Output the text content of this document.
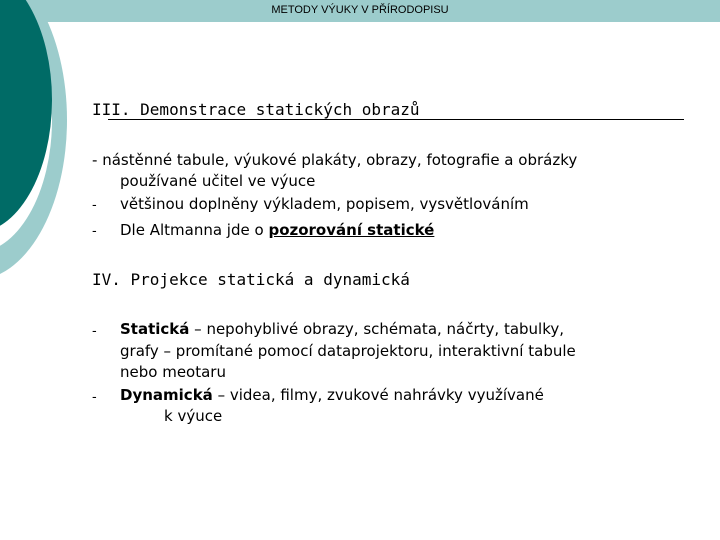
METODY VÝUKY V PŘÍRODOPISU
III. Demonstrace statických obrazů
- nástěnné tabule, výukové plakáty, obrazy, fotografie a obrázky
používané učitel ve výuce
- většinou doplněny výkladem, popisem, vysvětlováním
- Dle Altmanna jde o pozorování statické
IV. Projekce statická a dynamická
- Statická – nepohyblivé obrazy, schémata, náčrty, tabulky,
grafy – promítané pomocí dataprojektoru, interaktivní tabule
nebo meotaru
- Dynamická – videa, filmy, zvukové nahrávky využívané
k výuce
